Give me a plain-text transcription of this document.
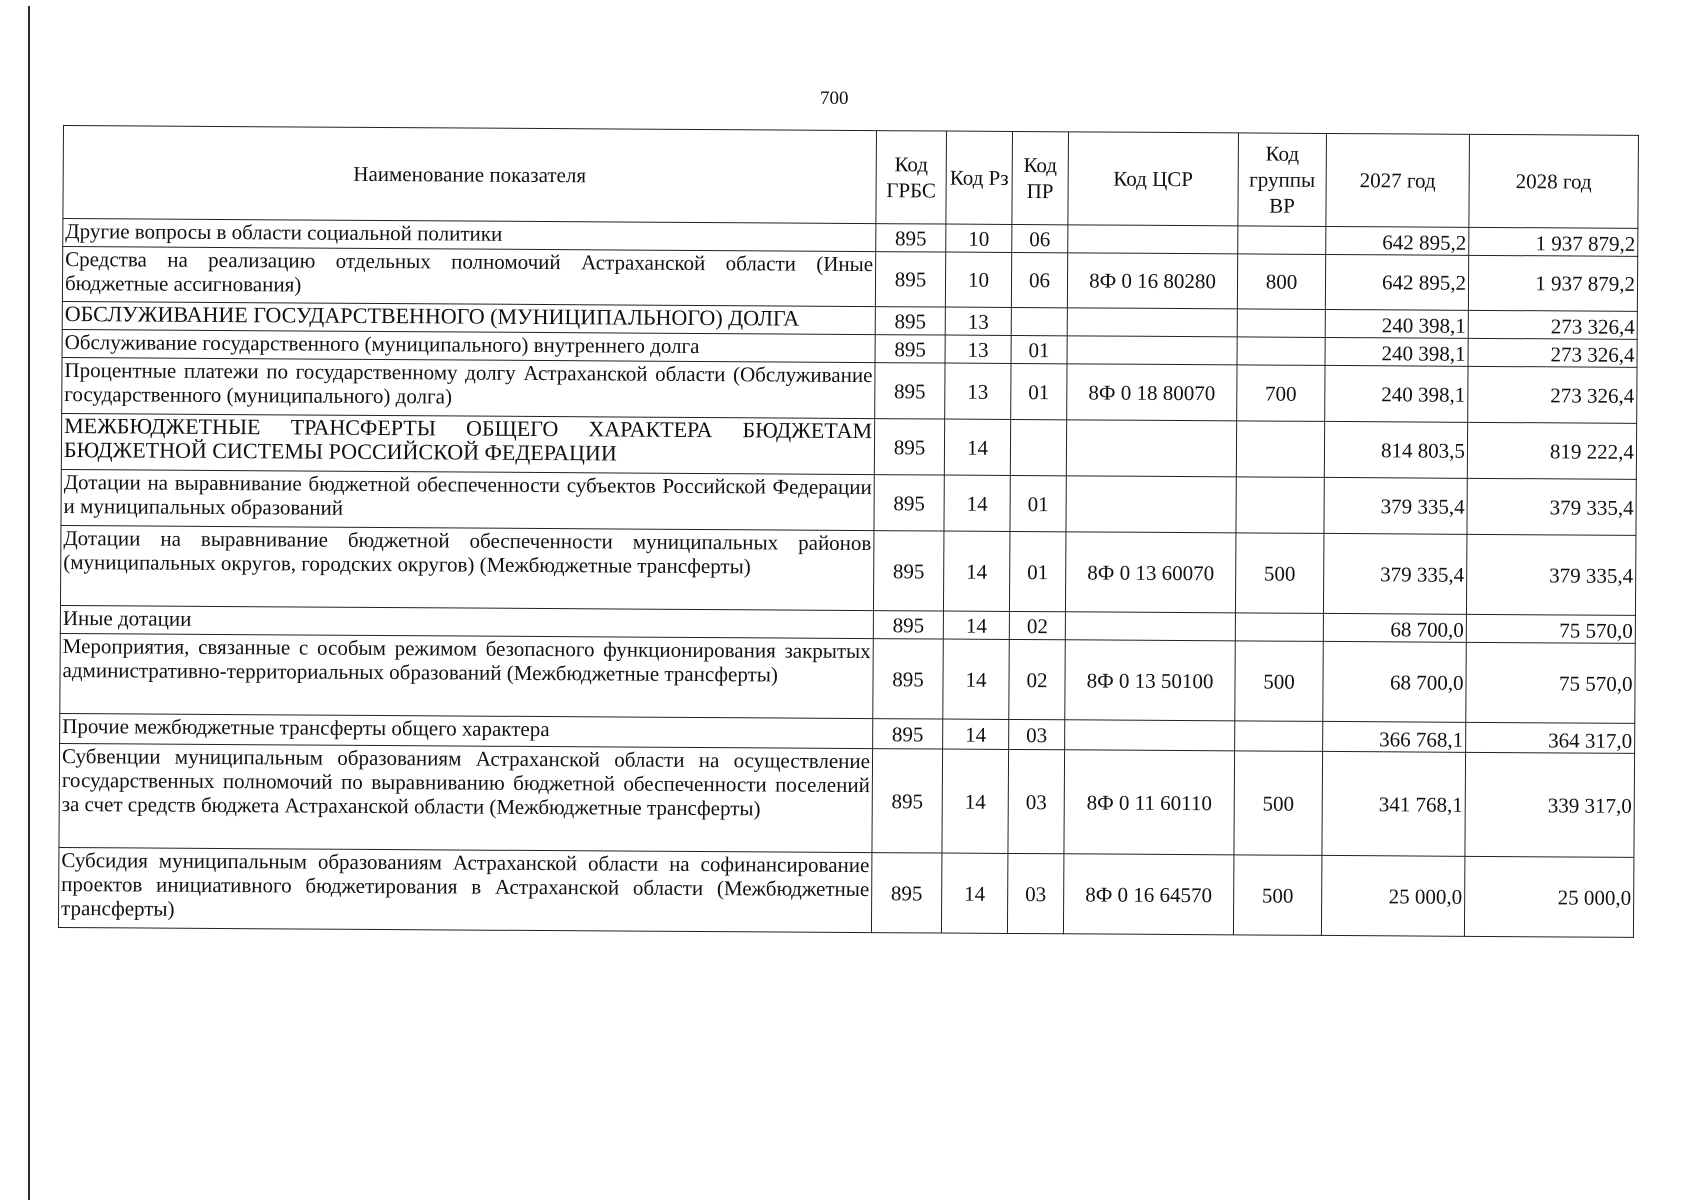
700
Наименование показателя	Код ГРБС	Код Рз	Код ПР	Код ЦСР	Код группы ВР	2027 год	2028 год
Другие вопросы в области социальной политики	895	10	06			642 895,2	1 937 879,2
Средства на реализацию отдельных полномочий Астраханской области (Иные бюджетные ассигнования)	895	10	06	8Ф 0 16 80280	800	642 895,2	1 937 879,2
ОБСЛУЖИВАНИЕ ГОСУДАРСТВЕННОГО (МУНИЦИПАЛЬНОГО) ДОЛГА	895	13				240 398,1	273 326,4
Обслуживание государственного (муниципального) внутреннего долга	895	13	01			240 398,1	273 326,4
Процентные платежи по государственному долгу Астраханской области (Обслуживание государственного (муниципального) долга)	895	13	01	8Ф 0 18 80070	700	240 398,1	273 326,4
МЕЖБЮДЖЕТНЫЕ ТРАНСФЕРТЫ ОБЩЕГО ХАРАКТЕРА БЮДЖЕТАМ БЮДЖЕТНОЙ СИСТЕМЫ РОССИЙСКОЙ ФЕДЕРАЦИИ	895	14				814 803,5	819 222,4
Дотации на выравнивание бюджетной обеспеченности субъектов Российской Федерации и муниципальных образований	895	14	01			379 335,4	379 335,4
Дотации на выравнивание бюджетной обеспеченности муниципальных районов (муниципальных округов, городских округов) (Межбюджетные трансферты)	895	14	01	8Ф 0 13 60070	500	379 335,4	379 335,4
Иные дотации	895	14	02			68 700,0	75 570,0
Мероприятия, связанные с особым режимом безопасного функционирования закрытых административно-территориальных образований (Межбюджетные трансферты)	895	14	02	8Ф 0 13 50100	500	68 700,0	75 570,0
Прочие межбюджетные трансферты общего характера	895	14	03			366 768,1	364 317,0
Субвенции муниципальным образованиям Астраханской области на осуществление государственных полномочий по выравниванию бюджетной обеспеченности поселений за счет средств бюджета Астраханской области (Межбюджетные трансферты)	895	14	03	8Ф 0 11 60110	500	341 768,1	339 317,0
Субсидия муниципальным образованиям Астраханской области на софинансирование проектов инициативного бюджетирования в Астраханской области (Межбюджетные трансферты)	895	14	03	8Ф 0 16 64570	500	25 000,0	25 000,0
